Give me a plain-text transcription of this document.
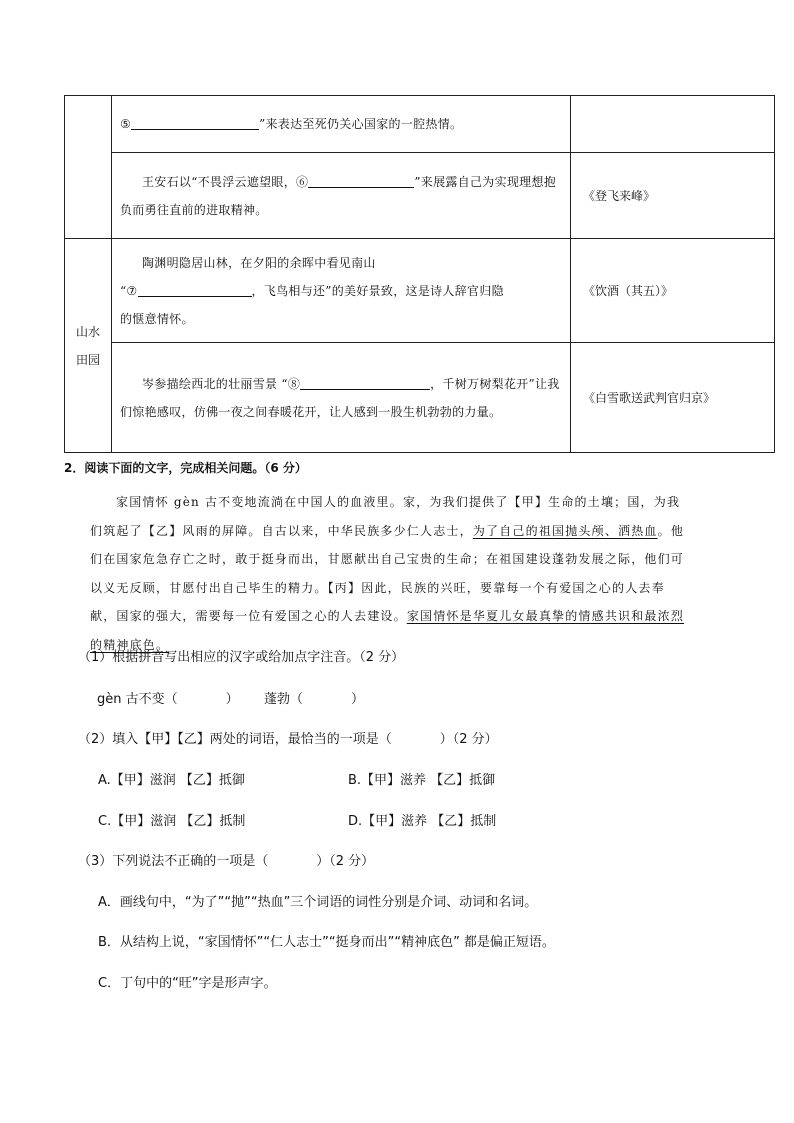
	⑤ ”来表达至死仍关心国家的一腔热情。	
	王安石以“不畏浮云遮望眼，⑥ ”来展露自己为实现理想抱负而勇往直前的进取精神。	《登飞来峰》
山水田园	陶渊明隐居山林，在夕阳的余晖中看见南山
“⑦ ，飞鸟相与还”的美好景致，这是诗人辞官归隐
的惬意情怀。	《饮酒（其五）》
	岑参描绘西北的壮丽雪景 “⑧ ，千树万树梨花开”让我们惊艳感叹，仿佛一夜之间春暖花开，让人感到一股生机勃勃的力量。	《白雪歌送武判官归京》
2．阅读下面的文字，完成相关问题。（6 分）
家国情怀 gèn 古不变地流淌在中国人的血液里。家，为我们提供了【甲】生命的土壤；国，为我们筑起了【乙】风雨的屏障。自古以来，中华民族多少仁人志士，为了自己的祖国抛头颅、洒热血。他们在国家危急存亡之时，敢于挺身而出，甘愿献出自己宝贵的生命；在祖国建设蓬勃发展之际，他们可以义无反顾，甘愿付出自己毕生的精力。【丙】因此，民族的兴旺，要靠每一个有爱国之心的人去奉献，国家的强大，需要每一位有爱国之心的人去建设。家国情怀是华夏儿女最真挚的情感共识和最浓烈的精神底色。
（1）根据拼音写出相应的汉字或给加点字注音。（2 分）
gèn 古不变（	） 蓬勃（	）
（2）填入【甲】【乙】两处的词语，最恰当的一项是（	）（2 分）
A.【甲】滋润 【乙】抵御	B.【甲】滋养 【乙】抵御
C.【甲】滋润 【乙】抵制	D.【甲】滋养 【乙】抵制
（3）下列说法不正确的一项是（	）（2 分）
A．画线句中，“为了”“抛”“热血”三个词语的词性分别是介词、动词和名词。
B．从结构上说，“家国情怀”“仁人志士”“挺身而出”“精神底色” 都是偏正短语。
C．丁句中的“旺”字是形声字。
